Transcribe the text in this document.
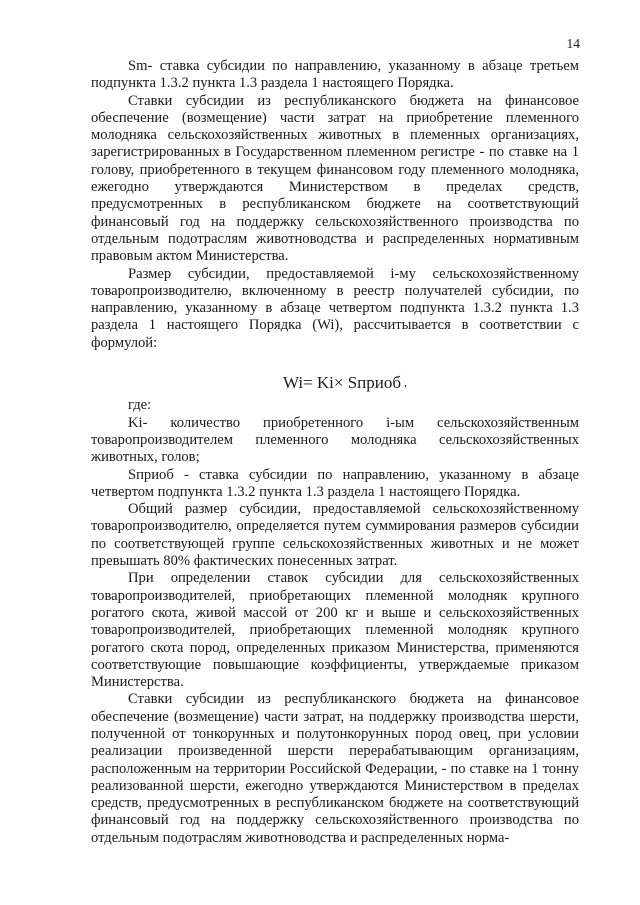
14

Sm- ставка субсидии по направлению, указанному в абзаце третьем подпункта 1.3.2 пункта 1.3 раздела 1 настоящего Порядка.

Ставки субсидии из республиканского бюджета на финансовое обеспечение (возмещение) части затрат на приобретение племенного молодняка сельскохозяйственных животных в племенных организациях, зарегистрированных в Государственном племенном регистре - по ставке на 1 голову, приобретенного в текущем финансовом году племенного молодняка, ежегодно утверждаются Министерством в пределах средств, предусмотренных в республиканском бюджете на соответствующий финансовый год на поддержку сельскохозяйственного производства по отдельным подотраслям животноводства и распределенных нормативным правовым актом Министерства.

Размер субсидии, предоставляемой i-му сельскохозяйственному товаропроизводителю, включенному в реестр получателей субсидии, по направлению, указанному в абзаце четвертом подпункта 1.3.2 пункта 1.3 раздела 1 настоящего Порядка (Wi), рассчитывается в соответствии с формулой:

Wi= Ki× Sприоб ,

где:

Ki- количество приобретенного i-ым сельскохозяйственным товаропроизводителем племенного молодняка сельскохозяйственных животных, голов;

Sприоб - ставка субсидии по направлению, указанному в абзаце четвертом подпункта 1.3.2 пункта 1.3 раздела 1 настоящего Порядка.

Общий размер субсидии, предоставляемой сельскохозяйственному товаропроизводителю, определяется путем суммирования размеров субсидии по соответствующей группе сельскохозяйственных животных и не может превышать 80% фактических понесенных затрат.

При определении ставок субсидии для сельскохозяйственных товаропроизводителей, приобретающих племенной молодняк крупного рогатого скота, живой массой от 200 кг и выше и сельскохозяйственных товаропроизводителей, приобретающих племенной молодняк крупного рогатого скота пород, определенных приказом Министерства, применяются соответствующие повышающие коэффициенты, утверждаемые приказом Министерства.

Ставки субсидии из республиканского бюджета на финансовое обеспечение (возмещение) части затрат, на поддержку производства шерсти, полученной от тонкорунных и полутонкорунных пород овец, при условии реализации произведенной шерсти перерабатывающим организациям, расположенным на территории Российской Федерации, - по ставке на 1 тонну реализованной шерсти, ежегодно утверждаются Министерством в пределах средств, предусмотренных в республиканском бюджете на соответствующий финансовый год на поддержку сельскохозяйственного производства по отдельным подотраслям животноводства и распределенных норма-
